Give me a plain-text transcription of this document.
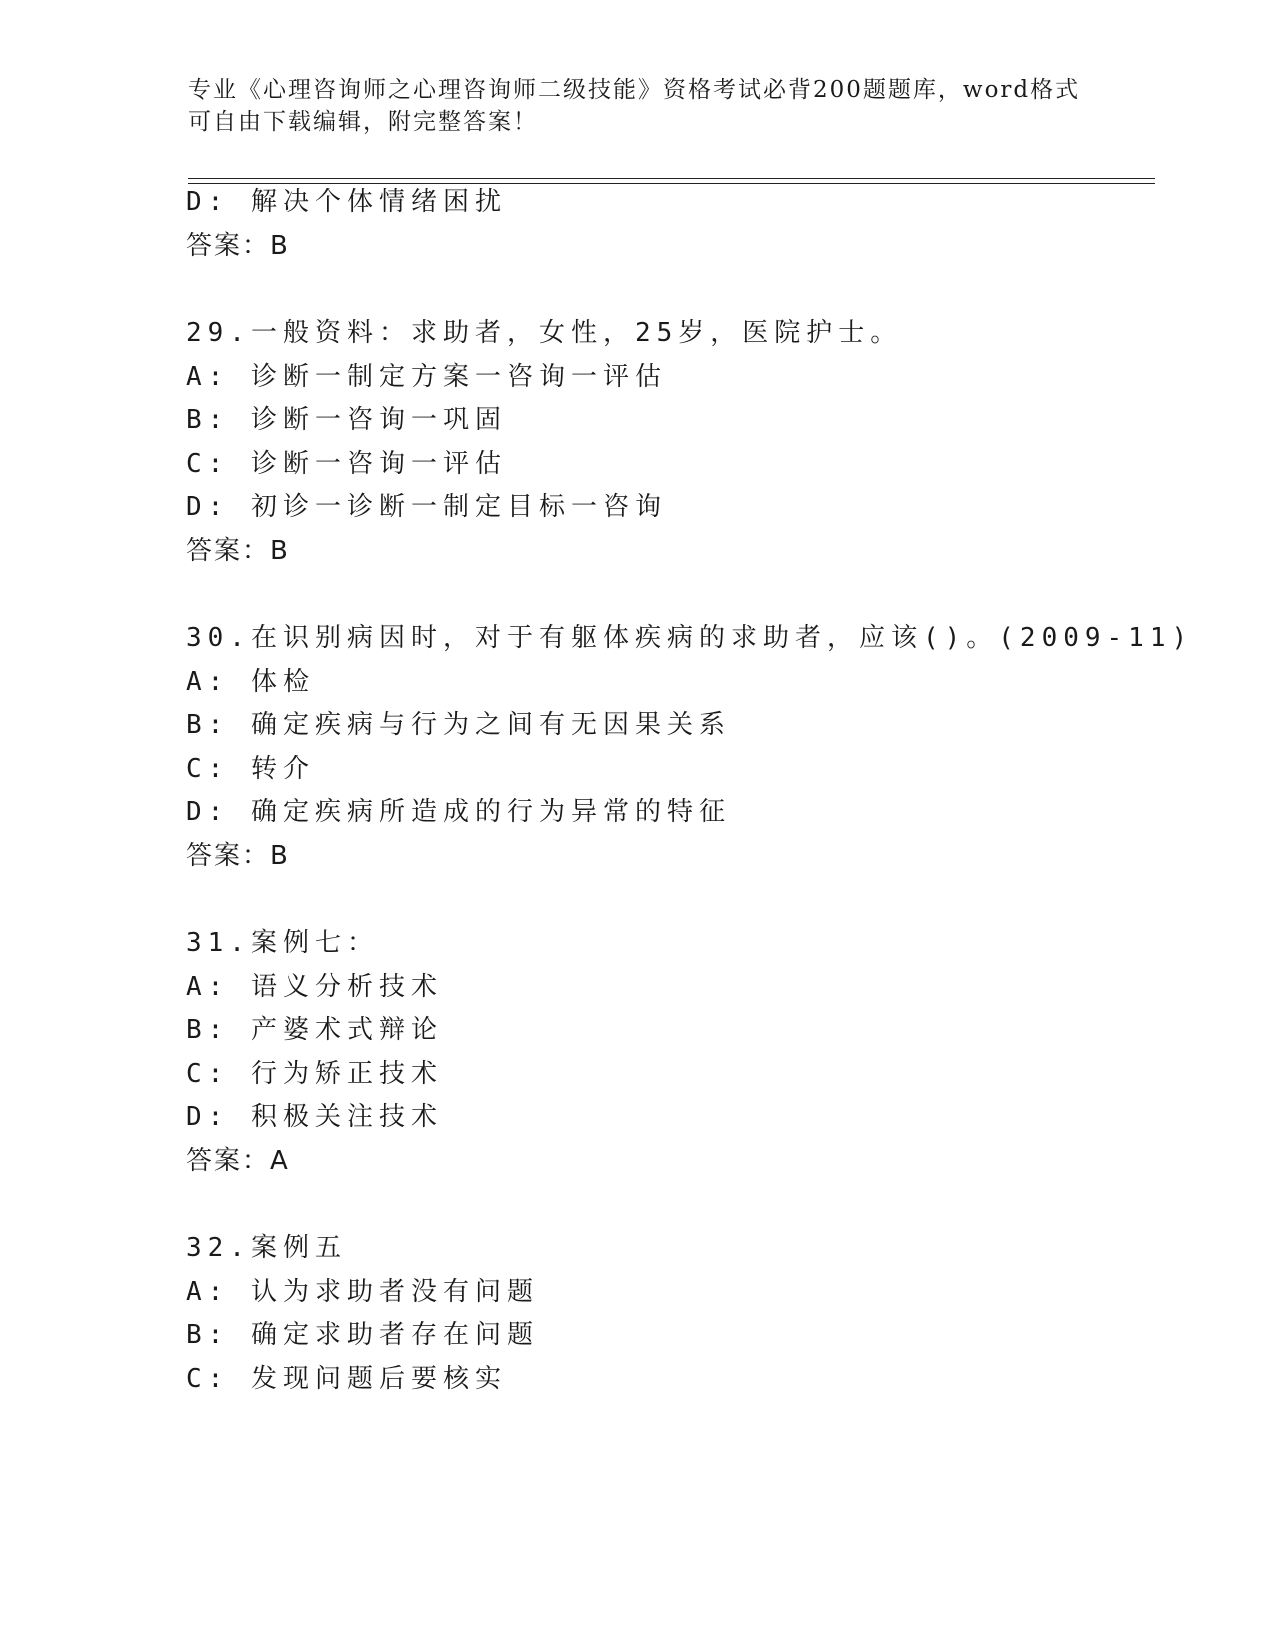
专业《心理咨询师之心理咨询师二级技能》资格考试必背200题题库，word格式
可自由下载编辑，附完整答案！
D: 解决个体情绪困扰
答案：B
29.一般资料：求助者，女性，25岁，医院护士。
A: 诊断一制定方案一咨询一评估
B: 诊断一咨询一巩固
C: 诊断一咨询一评估
D: 初诊一诊断一制定目标一咨询
答案：B
30.在识别病因时，对于有躯体疾病的求助者，应该()。(2009-11)
A: 体检
B: 确定疾病与行为之间有无因果关系
C: 转介
D: 确定疾病所造成的行为异常的特征
答案：B
31.案例七：
A: 语义分析技术
B: 产婆术式辩论
C: 行为矫正技术
D: 积极关注技术
答案：A
32.案例五
A: 认为求助者没有问题
B: 确定求助者存在问题
C: 发现问题后要核实
